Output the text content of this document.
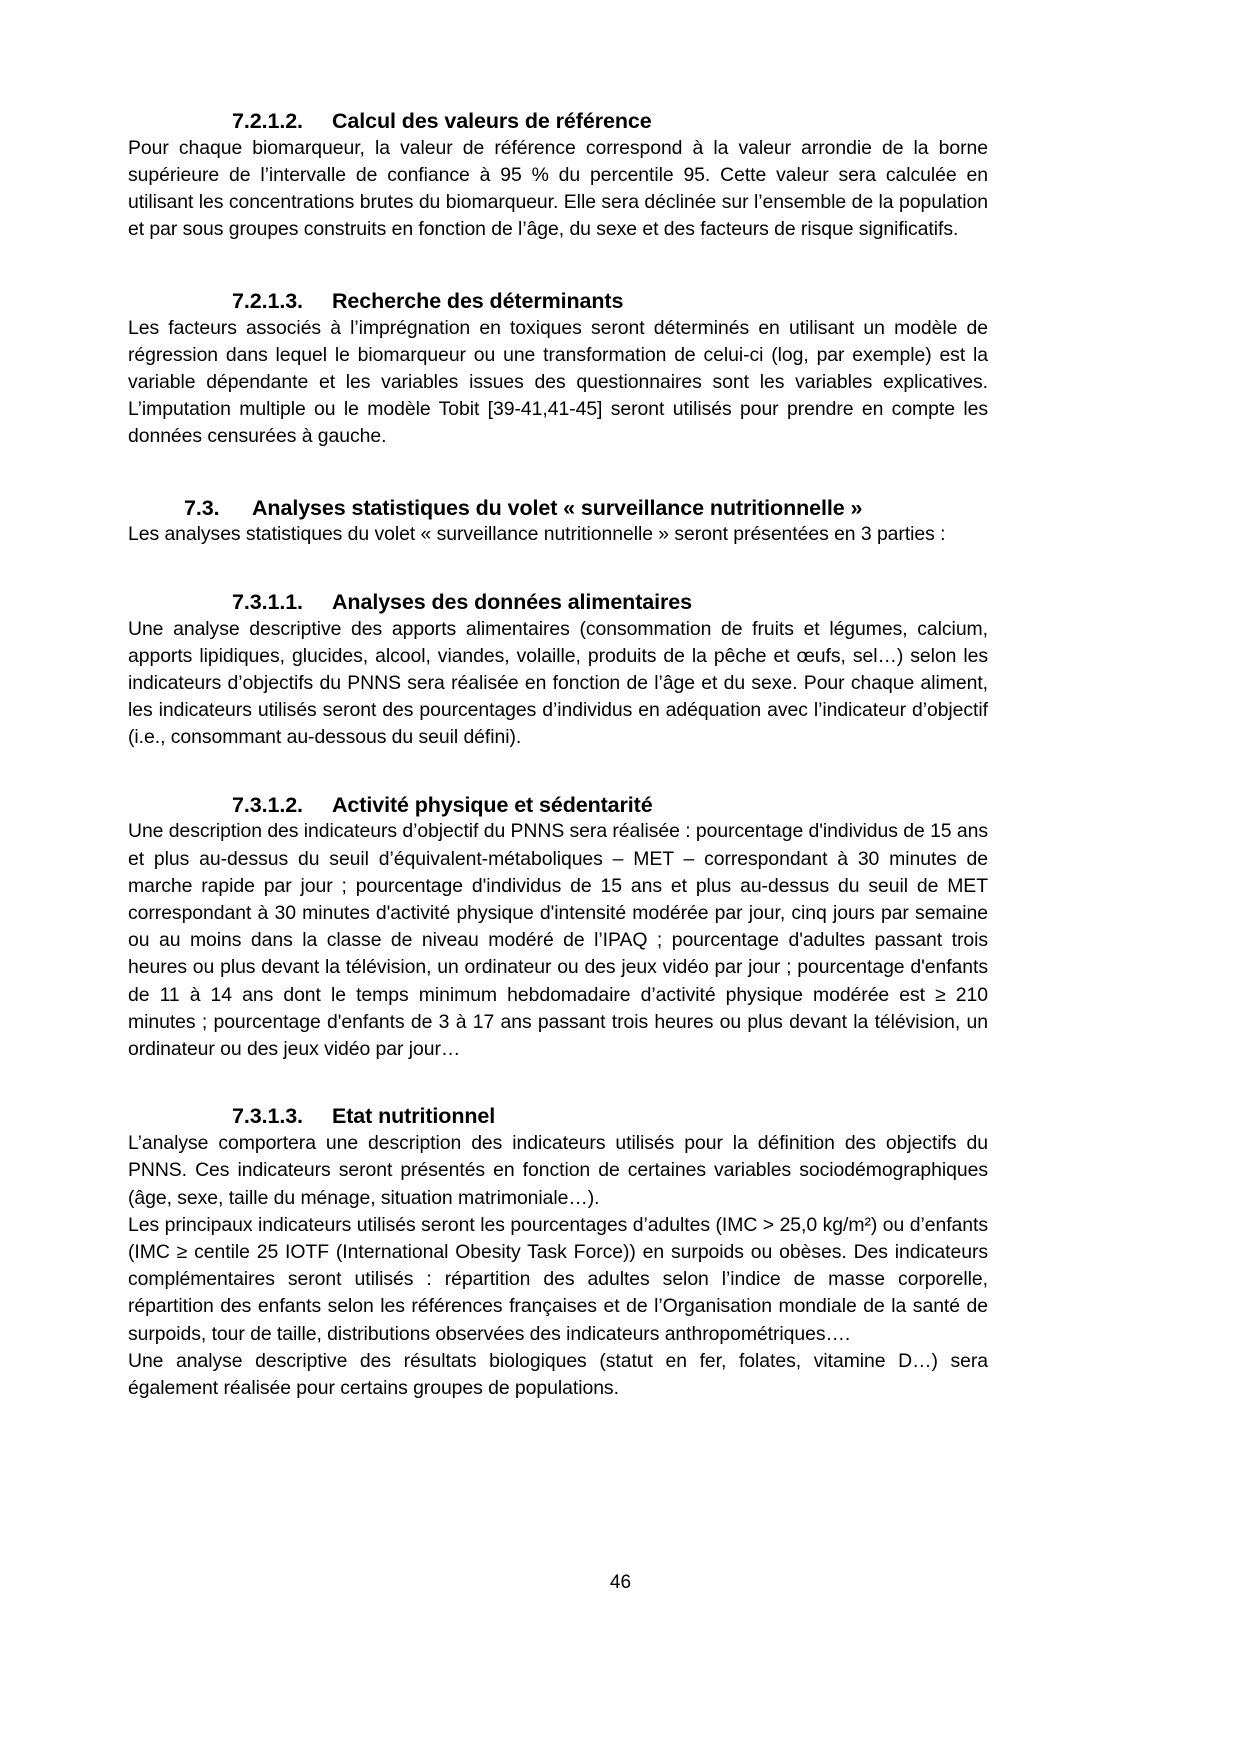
7.2.1.2.	Calcul des valeurs de référence

Pour chaque biomarqueur, la valeur de référence correspond à la valeur arrondie de la borne supérieure de l’intervalle de confiance à 95 % du percentile 95. Cette valeur sera calculée en utilisant les concentrations brutes du biomarqueur. Elle sera déclinée sur l’ensemble de la population et par sous groupes construits en fonction de l’âge, du sexe et des facteurs de risque significatifs.

7.2.1.3.	Recherche des déterminants

Les facteurs associés à l’imprégnation en toxiques seront déterminés en utilisant un modèle de régression dans lequel le biomarqueur ou une transformation de celui-ci (log, par exemple) est la variable dépendante et les variables issues des questionnaires sont les variables explicatives. L’imputation multiple ou le modèle Tobit [39-41,41-45] seront utilisés pour prendre en compte les données censurées à gauche.

7.3.	Analyses statistiques du volet « surveillance nutritionnelle »

Les analyses statistiques du volet « surveillance nutritionnelle » seront présentées en 3 parties :

7.3.1.1.	Analyses des données alimentaires

Une analyse descriptive des apports alimentaires (consommation de fruits et légumes, calcium, apports lipidiques, glucides, alcool, viandes, volaille, produits de la pêche et œufs, sel…) selon les indicateurs d’objectifs du PNNS sera réalisée en fonction de l’âge et du sexe. Pour chaque aliment, les indicateurs utilisés seront des pourcentages d’individus en adéquation avec l’indicateur d’objectif (i.e., consommant au-dessous du seuil défini).

7.3.1.2.	Activité physique et sédentarité

Une description des indicateurs d’objectif du PNNS sera réalisée : pourcentage d'individus de 15 ans et plus au-dessus du seuil d’équivalent-métaboliques – MET – correspondant à 30 minutes de marche rapide par jour ; pourcentage d'individus de 15 ans et plus au-dessus du seuil de MET correspondant à 30 minutes d'activité physique d'intensité modérée par jour, cinq jours par semaine ou au moins dans la classe de niveau modéré de l’IPAQ ; pourcentage d'adultes passant trois heures ou plus devant la télévision, un ordinateur ou des jeux vidéo par jour ; pourcentage d'enfants de 11 à 14 ans dont le temps minimum hebdomadaire d’activité physique modérée est ≥ 210 minutes ; pourcentage d'enfants de 3 à 17 ans passant trois heures ou plus devant la télévision, un ordinateur ou des jeux vidéo par jour…

7.3.1.3.	Etat nutritionnel

L’analyse comportera une description des indicateurs utilisés pour la définition des objectifs du PNNS. Ces indicateurs seront présentés en fonction de certaines variables sociodémographiques (âge, sexe, taille du ménage, situation matrimoniale…).

Les principaux indicateurs utilisés seront les pourcentages d’adultes (IMC > 25,0 kg/m²) ou d’enfants (IMC ≥ centile 25 IOTF (International Obesity Task Force)) en surpoids ou obèses. Des indicateurs complémentaires seront utilisés : répartition des adultes selon l’indice de masse corporelle, répartition des enfants selon les références françaises et de l’Organisation mondiale de la santé de surpoids, tour de taille, distributions observées des indicateurs anthropométriques….

Une analyse descriptive des résultats biologiques (statut en fer, folates, vitamine D…) sera également réalisée pour certains groupes de populations.

46
